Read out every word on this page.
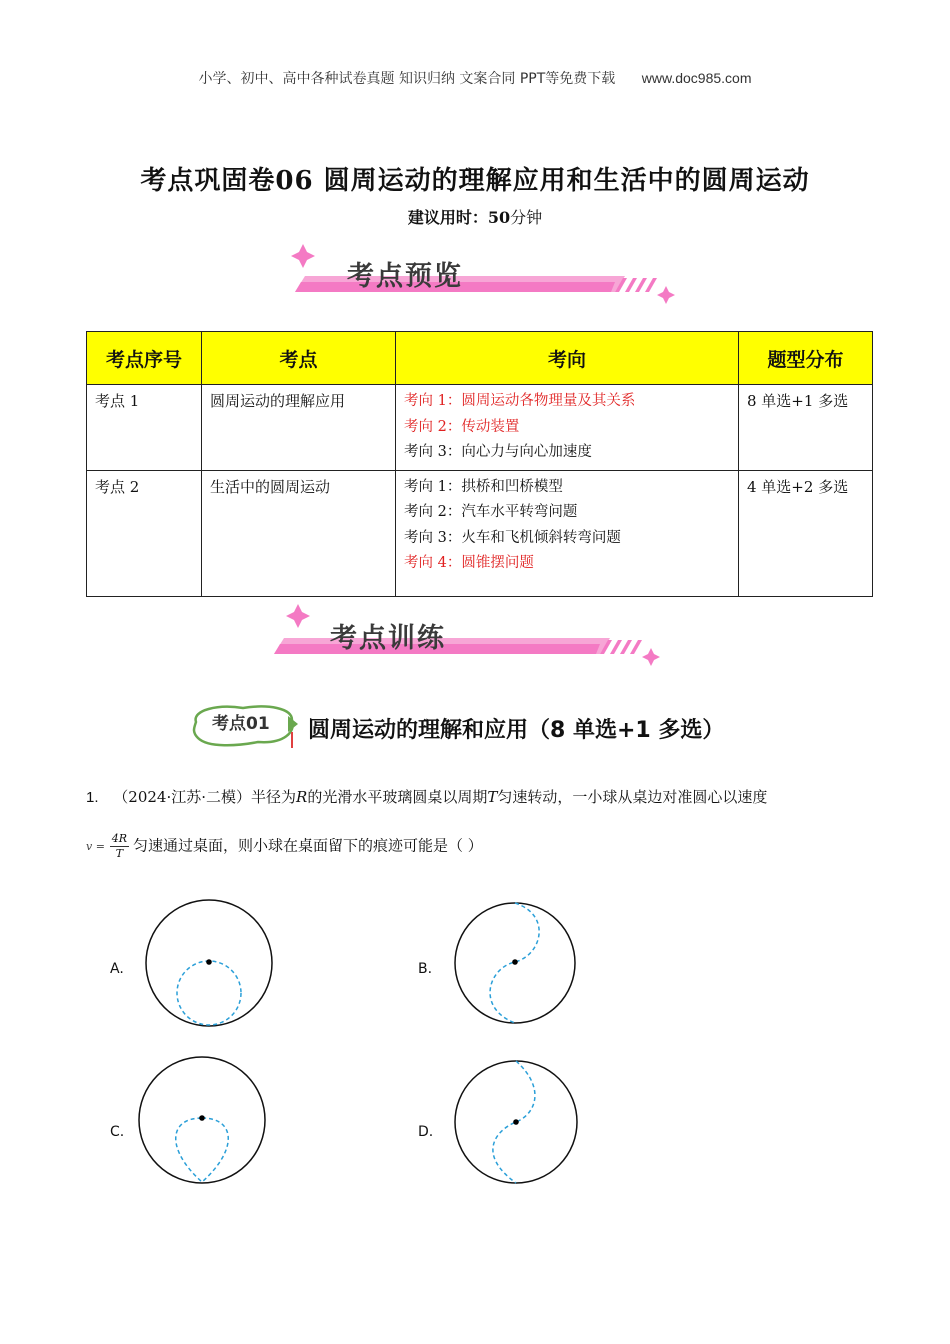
小学、初中、高中各种试卷真题 知识归纳 文案合同 PPT等免费下载 www.doc985.com
考点巩固卷06 圆周运动的理解应用和生活中的圆周运动
建议用时：50分钟
考点预览
考点序号	考点	考向	题型分布
考点 1	圆周运动的理解应用	考向 1：圆周运动各物理量及其关系
考向 2：传动装置
考向 3：向心力与向心加速度	8 单选+1 多选
考点 2	生活中的圆周运动	考向 1：拱桥和凹桥模型
考向 2：汽车水平转弯问题
考向 3：火车和飞机倾斜转弯问题
考向 4：圆锥摆问题	4 单选+2 多选
考点训练
考点01 圆周运动的理解和应用（8 单选+1 多选）
1. （2024·江苏·二模）半径为R的光滑水平玻璃圆桌以周期T匀速转动，一小球从桌边对准圆心以速度
$v = \frac{4R}{T}$ 匀速通过桌面，则小球在桌面留下的痕迹可能是（ ）
A.	B.
C.	D.
